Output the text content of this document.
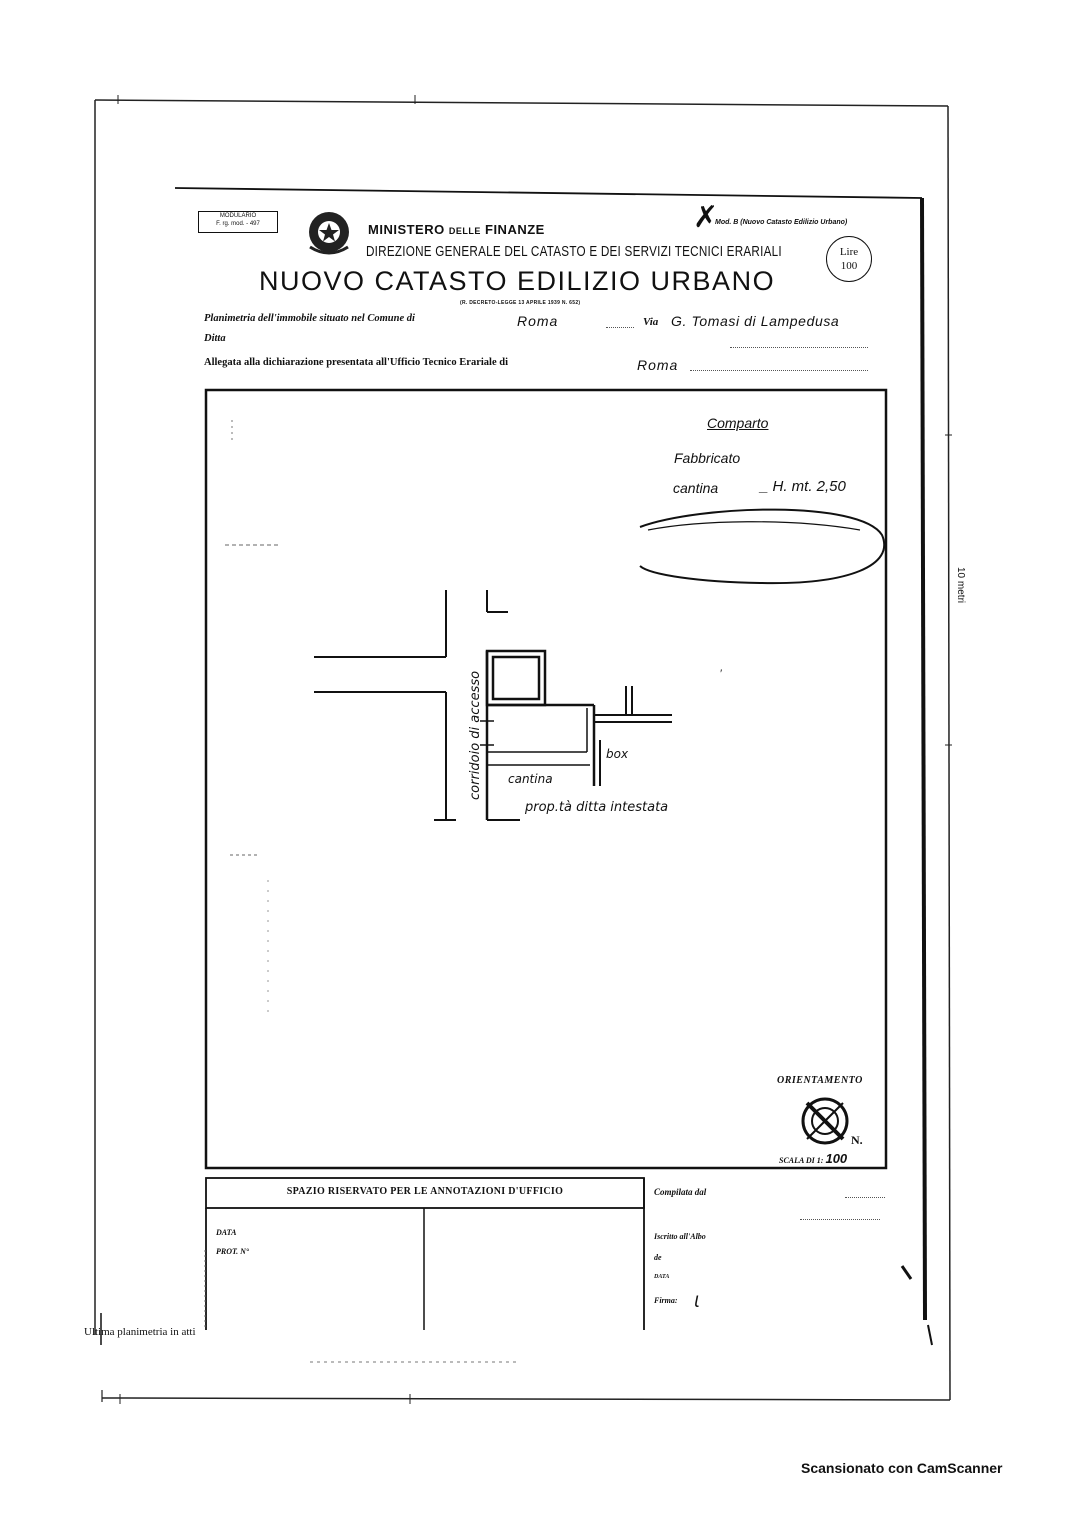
MODULARIO
F. rg. mod. - 497	MINISTERO DELLE FINANZE	✗
Mod. B (Nuovo Catasto Edilizio Urbano)
DIREZIONE GENERALE DEL CATASTO E DEI SERVIZI TECNICI ERARIALI	Lire
100
NUOVO CATASTO EDILIZIO URBANO
(R. DECRETO-LEGGE 13 APRILE 1939 N. 652)
Planimetria dell'immobile situato nel Comune di	Roma	Via G. Tomasi di Lampedusa
Ditta
Allegata alla dichiarazione presentata all'Ufficio Tecnico Erariale di	Roma
Comparto
Fabbricato
cantina	_ H. mt. 2,50
corridoio di accesso	box
cantina
prop.tà ditta intestata
′
10 metri
ORIENTAMENTO
N.
SCALA DI 1: 100
SPAZIO RISERVATO PER LE ANNOTAZIONI D'UFFICIO
DATA
PROT. N°
Compilata dal
Iscritto all'Albo
de
DATA
Firma: Ɩ
Ultima planimetria in atti
Scansionato con CamScanner
